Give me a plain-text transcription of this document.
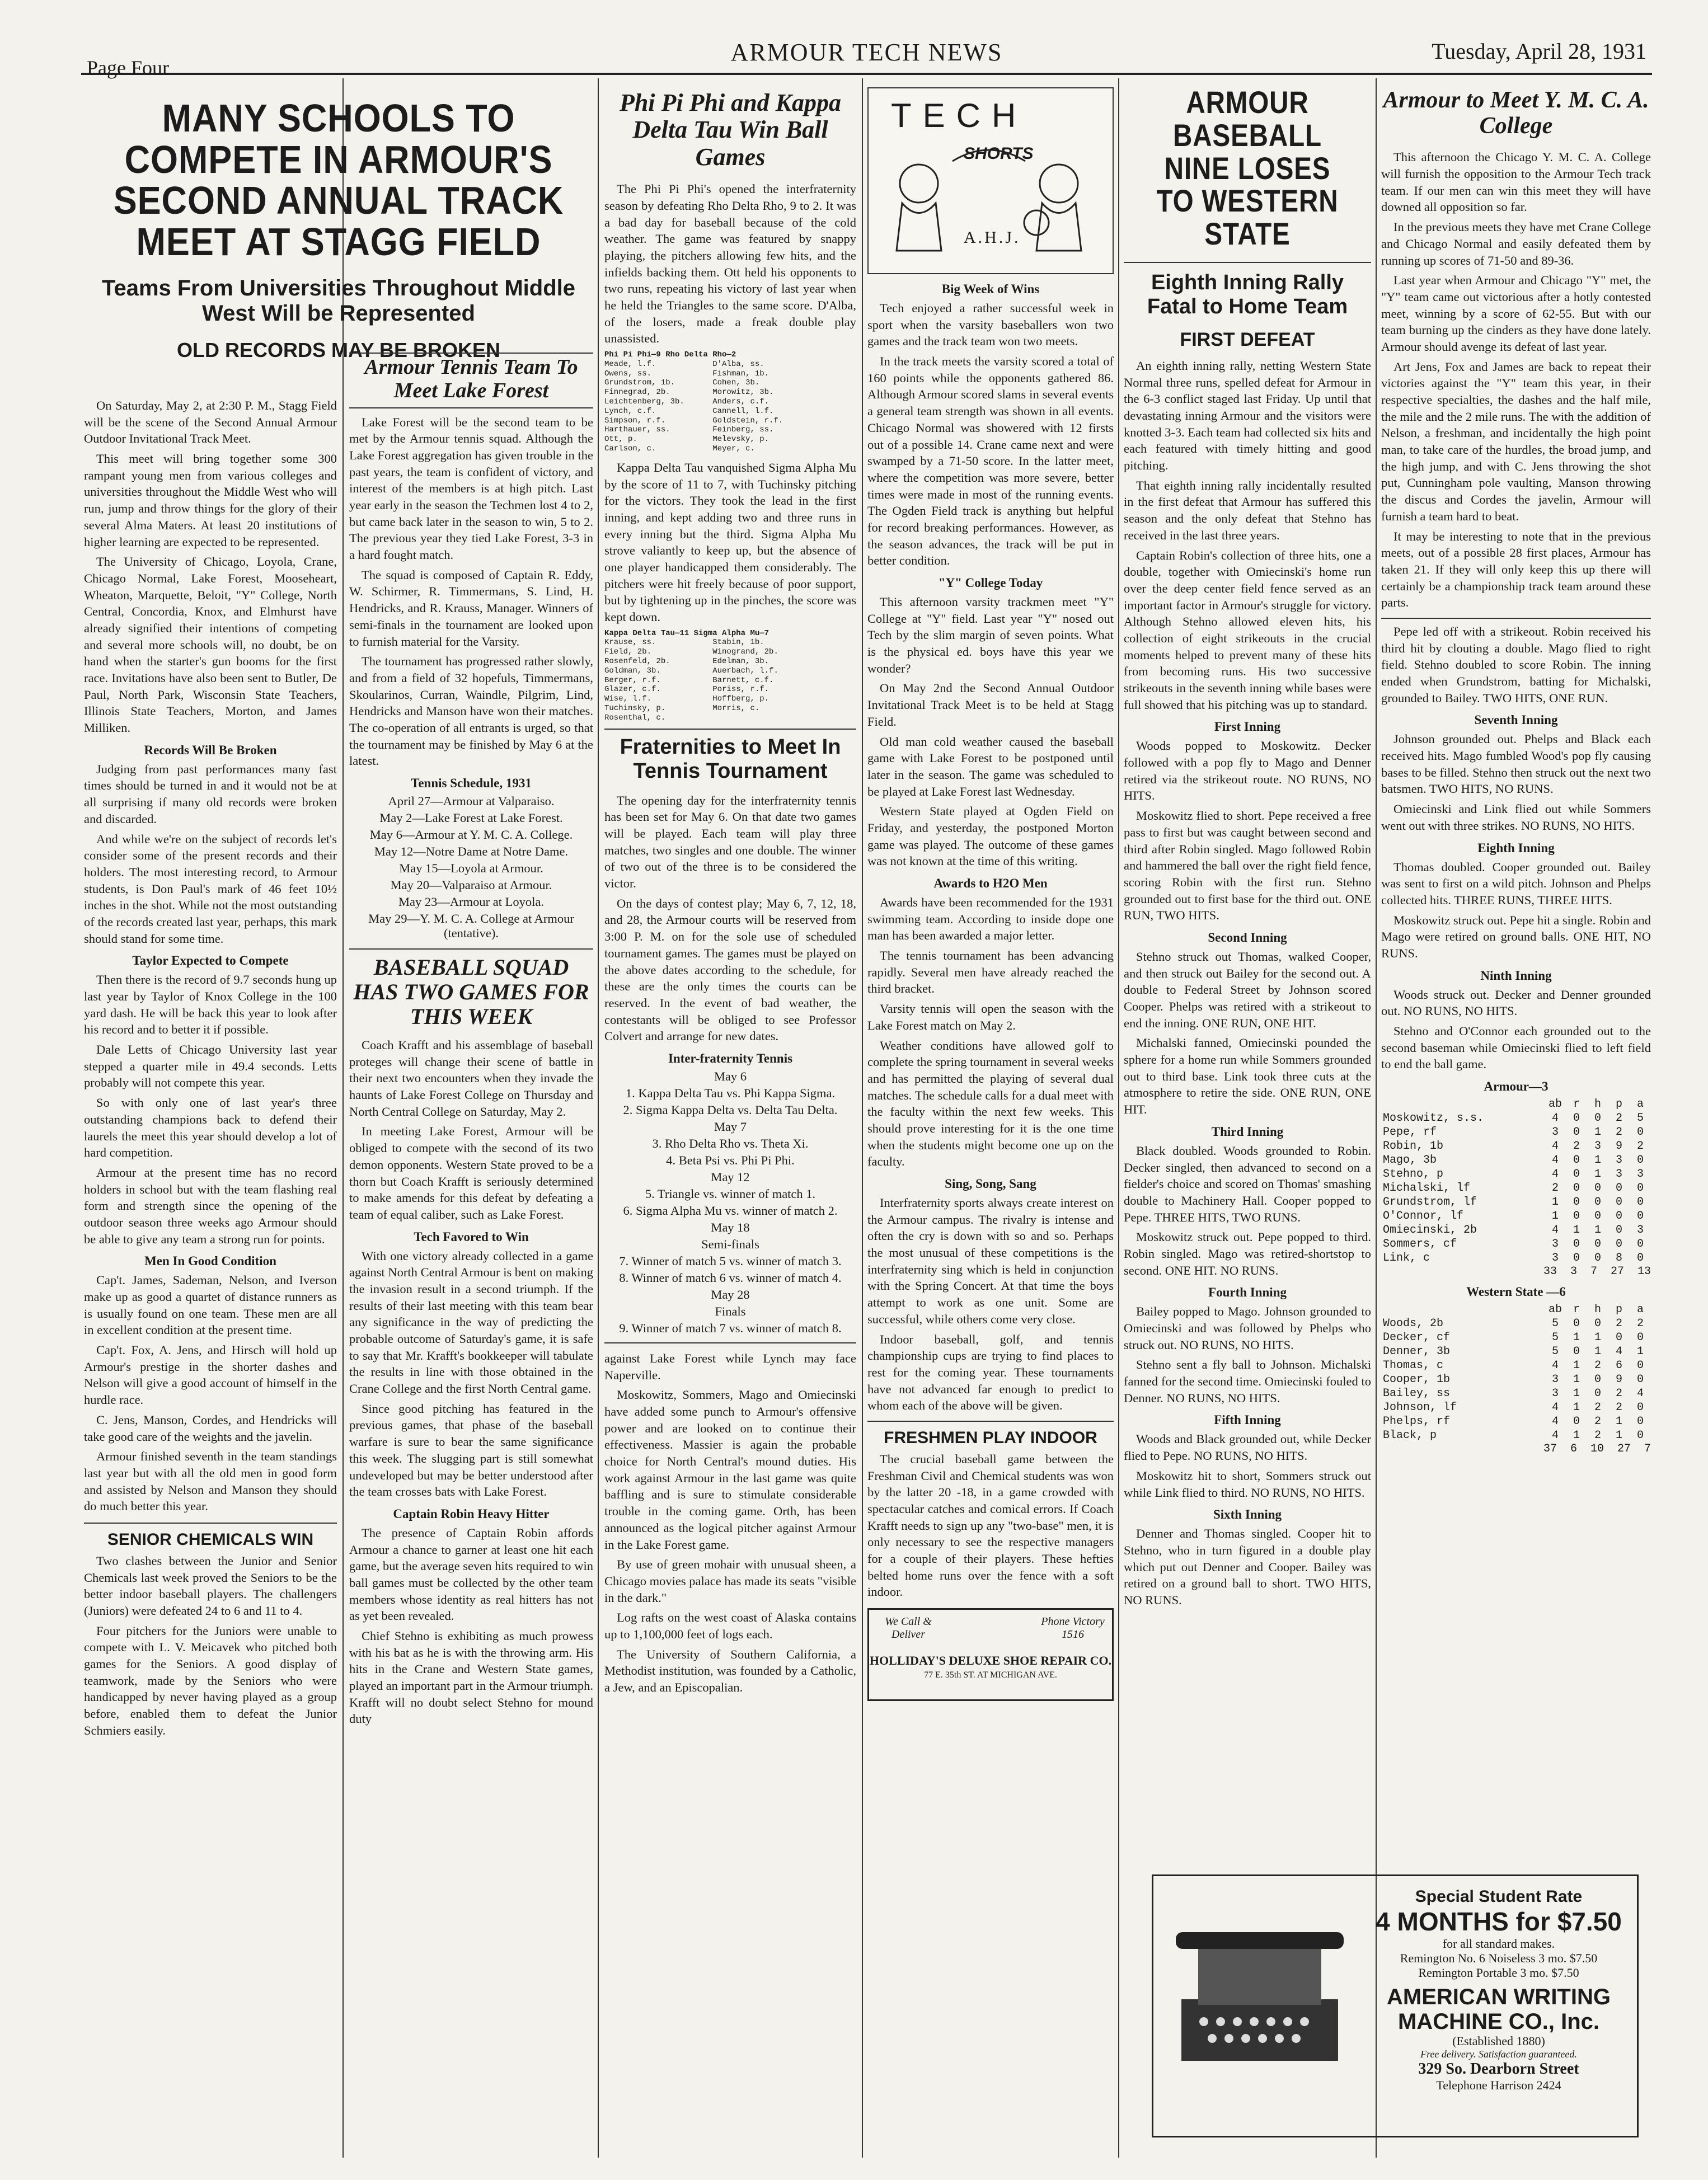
Page Four
ARMOUR TECH NEWS	Tuesday, April 28, 1931
MANY SCHOOLS TO COMPETE IN ARMOUR'S SECOND ANNUAL TRACK MEET AT STAGG FIELD
Teams From Universities Throughout Middle West Will be Represented
OLD RECORDS MAY BE BROKEN

On Saturday, May 2, at 2:30 P. M., Stagg Field will be the scene of the Second Annual Armour Outdoor Invitational Track Meet.

This meet will bring together some 300 rampant young men from various colleges and universities throughout the Middle West who will run, jump and throw things for the glory of their several Alma Maters. At least 20 institutions of higher learning are expected to be represented.

The University of Chicago, Loyola, Crane, Chicago Normal, Lake Forest, Mooseheart, Wheaton, Marquette, Beloit, "Y" College, North Central, Concordia, Knox, and Elmhurst have already signified their intentions of competing and several more schools will, no doubt, be on hand when the starter's gun booms for the first race. Invitations have also been sent to Butler, De Paul, North Park, Wisconsin State Teachers, Illinois State Teachers, Morton, and James Milliken.

Records Will Be Broken

Judging from past performances many fast times should be turned in and it would not be at all surprising if many old records were broken and discarded.

And while we're on the subject of records let's consider some of the present records and their holders. The most interesting record, to Armour students, is Don Paul's mark of 46 feet 10½ inches in the shot. While not the most outstanding of the records created last year, perhaps, this mark should stand for some time.

Taylor Expected to Compete

Then there is the record of 9.7 seconds hung up last year by Taylor of Knox College in the 100 yard dash. He will be back this year to look after his record and to better it if possible.

Dale Letts of Chicago University last year stepped a quarter mile in 49.4 seconds. Letts probably will not compete this year.

So with only one of last year's three outstanding champions back to defend their laurels the meet this year should develop a lot of hard competition.

Armour at the present time has no record holders in school but with the team flashing real form and strength since the opening of the outdoor season three weeks ago Armour should be able to give any team a strong run for points.

Men In Good Condition

Cap't. James, Sademan, Nelson, and Iverson make up as good a quartet of distance runners as is usually found on one team. These men are all in excellent condition at the present time.

Cap't. Fox, A. Jens, and Hirsch will hold up Armour's prestige in the shorter dashes and Nelson will give a good account of himself in the hurdle race.

C. Jens, Manson, Cordes, and Hendricks will take good care of the weights and the javelin.

Armour finished seventh in the team standings last year but with all the old men in good form and assisted by Nelson and Manson they should do much better this year.

SENIOR CHEMICALS WIN

Two clashes between the Junior and Senior Chemicals last week proved the Seniors to be the better indoor baseball players. The challengers (Juniors) were defeated 24 to 6 and 11 to 4.

Four pitchers for the Juniors were unable to compete with L. V. Meicavek who pitched both games for the Seniors. A good display of teamwork, made by the Seniors who were handicapped by never having played as a group before, enabled them to defeat the Junior Schmiers easily.

Armour Tennis Team To Meet Lake Forest

Lake Forest will be the second team to be met by the Armour tennis squad. Although the Lake Forest aggregation has given trouble in the past years, the team is confident of victory, and interest of the members is at high pitch. Last year early in the season the Techmen lost 4 to 2, but came back later in the season to win, 5 to 2. The previous year they tied Lake Forest, 3-3 in a hard fought match.

The squad is composed of Captain R. Eddy, W. Schirmer, R. Timmermans, S. Lind, H. Hendricks, and R. Krauss, Manager. Winners of semi-finals in the tournament are looked upon to furnish material for the Varsity.

The tournament has progressed rather slowly, and from a field of 32 hopefuls, Timmermans, Skoularinos, Curran, Waindle, Pilgrim, Lind, Hendricks and Manson have won their matches. The co-operation of all entrants is urged, so that the tournament may be finished by May 6 at the latest.

Tennis Schedule, 1931
April 27—Armour at Valparaiso.
May 2—Lake Forest at Lake Forest.
May 6—Armour at Y. M. C. A. College.
May 12—Notre Dame at Notre Dame.
May 15—Loyola at Armour.
May 20—Valparaiso at Armour.
May 23—Armour at Loyola.
May 29—Y. M. C. A. College at Armour (tentative).
BASEBALL SQUAD HAS TWO GAMES FOR THIS WEEK

Coach Krafft and his assemblage of baseball proteges will change their scene of battle in their next two encounters when they invade the haunts of Lake Forest College on Thursday and North Central College on Saturday, May 2.

In meeting Lake Forest, Armour will be obliged to compete with the second of its two demon opponents. Western State proved to be a thorn but Coach Krafft is seriously determined to make amends for this defeat by defeating a team of equal caliber, such as Lake Forest.

Tech Favored to Win

With one victory already collected in a game against North Central Armour is bent on making the invasion result in a second triumph. If the results of their last meeting with this team bear any significance in the way of predicting the probable outcome of Saturday's game, it is safe to say that Mr. Krafft's bookkeeper will tabulate the results in line with those obtained in the Crane College and the first North Central game.

Since good pitching has featured in the previous games, that phase of the baseball warfare is sure to bear the same significance this week. The slugging part is still somewhat undeveloped but may be better understood after the team crosses bats with Lake Forest.

Captain Robin Heavy Hitter

The presence of Captain Robin affords Armour a chance to garner at least one hit each game, but the average seven hits required to win ball games must be collected by the other team members whose identity as real hitters has not as yet been revealed.

Chief Stehno is exhibiting as much prowess with his bat as he is with the throwing arm. His hits in the Crane and Western State games, played an important part in the Armour triumph. Krafft will no doubt select Stehno for mound duty

Phi Pi Phi and Kappa Delta Tau Win Ball Games

The Phi Pi Phi's opened the interfraternity season by defeating Rho Delta Rho, 9 to 2. It was a bad day for baseball because of the cold weather. The game was featured by snappy playing, the pitchers allowing few hits, and the infields backing them. Ott held his opponents to two runs, repeating his victory of last year when he held the Triangles to the same score. D'Alba, of the losers, made a freak double play unassisted.

Phi Pi Phi—9 Rho Delta Rho—2
Meade, l.f.            D'Alba, ss.
Owens, ss.             Fishman, 1b.
Grundstrom, 1b.        Cohen, 3b.
Finnegrad, 2b.         Morowitz, 3b.
Leichtenberg, 3b.      Anders, c.f.
Lynch, c.f.            Cannell, l.f.
Simpson, r.f.          Goldstein, r.f.
Harthauer, ss.         Feinberg, ss.
Ott, p.                Melevsky, p.
Carlson, c.            Meyer, c.

Kappa Delta Tau vanquished Sigma Alpha Mu by the score of 11 to 7, with Tuchinsky pitching for the victors. They took the lead in the first inning, and kept adding two and three runs in every inning but the third. Sigma Alpha Mu strove valiantly to keep up, but the absence of one player handicapped them considerably. The pitchers were hit freely because of poor support, but by tightening up in the pinches, the score was kept down.

Kappa Delta Tau—11 Sigma Alpha Mu—7
Krause, ss.            Stabin, 1b.
Field, 2b.             Winogrand, 2b.
Rosenfeld, 2b.         Edelman, 3b.
Goldman, 3b.           Auerbach, l.f.
Berger, r.f.           Barnett, c.f.
Glazer, c.f.           Poriss, r.f.
Wise, l.f.             Hoffberg, p.
Tuchinsky, p.          Morris, c.
Rosenthal, c.
Fraternities to Meet In Tennis Tournament

The opening day for the interfraternity tennis has been set for May 6. On that date two games will be played. Each team will play three matches, two singles and one double. The winner of two out of the three is to be considered the victor.

On the days of contest play; May 6, 7, 12, 18, and 28, the Armour courts will be reserved from 3:00 P. M. on for the sole use of scheduled tournament games. The games must be played on the above dates according to the schedule, for these are the only times the courts can be reserved. In the event of bad weather, the contestants will be obliged to see Professor Colvert and arrange for new dates.

Inter-fraternity Tennis
May 6
1. Kappa Delta Tau vs. Phi Kappa Sigma.
2. Sigma Kappa Delta vs. Delta Tau Delta.
May 7
3. Rho Delta Rho vs. Theta Xi.
4. Beta Psi vs. Phi Pi Phi.
May 12
5. Triangle vs. winner of match 1.
6. Sigma Alpha Mu vs. winner of match 2.
May 18
Semi-finals
7. Winner of match 5 vs. winner of match 3.
8. Winner of match 6 vs. winner of match 4.
May 28
Finals
9. Winner of match 7 vs. winner of match 8.

against Lake Forest while Lynch may face Naperville.

Moskowitz, Sommers, Mago and Omiecinski have added some punch to Armour's offensive power and are looked on to continue their effectiveness. Massier is again the probable choice for North Central's mound duties. His work against Armour in the last game was quite baffling and is sure to stimulate considerable trouble in the coming game. Orth, has been announced as the logical pitcher against Armour in the Lake Forest game.

By use of green mohair with unusual sheen, a Chicago movies palace has made its seats "visible in the dark."

Log rafts on the west coast of Alaska contains up to 1,100,000 feet of logs each.

The University of Southern California, a Methodist institution, was founded by a Catholic, a Jew, and an Episcopalian.

TECH
SHORTS
A.H.J.
Big Week of Wins

Tech enjoyed a rather successful week in sport when the varsity baseballers won two games and the track team won two meets.

In the track meets the varsity scored a total of 160 points while the opponents gathered 86. Although Armour scored slams in several events a general team strength was shown in all events. Chicago Normal was showered with 12 firsts out of a possible 14. Crane came next and were swamped by a 71-50 score. In the latter meet, where the competition was more severe, better times were made in most of the running events. The Ogden Field track is anything but helpful for record breaking performances. However, as the season advances, the track will be put in better condition.

"Y" College Today

This afternoon varsity trackmen meet "Y" College at "Y" field. Last year "Y" nosed out Tech by the slim margin of seven points. What is the physical ed. boys have this year we wonder?

On May 2nd the Second Annual Outdoor Invitational Track Meet is to be held at Stagg Field.

Old man cold weather caused the baseball game with Lake Forest to be postponed until later in the season. The game was scheduled to be played at Lake Forest last Wednesday.

Western State played at Ogden Field on Friday, and yesterday, the postponed Morton game was played. The outcome of these games was not known at the time of this writing.

Awards to H2O Men

Awards have been recommended for the 1931 swimming team. According to inside dope one man has been awarded a major letter.

The tennis tournament has been advancing rapidly. Several men have already reached the third bracket.

Varsity tennis will open the season with the Lake Forest match on May 2.

Weather conditions have allowed golf to complete the spring tournament in several weeks and has permitted the playing of several dual matches. The schedule calls for a dual meet with the faculty within the next few weeks. This should prove interesting for it is the one time when the students might become one up on the faculty.

Sing, Song, Sang

Interfraternity sports always create interest on the Armour campus. The rivalry is intense and often the cry is down with so and so. Perhaps the most unusual of these competitions is the interfraternity sing which is held in conjunction with the Spring Concert. At that time the boys attempt to work as one unit. Some are successful, while others come very close.

Indoor baseball, golf, and tennis championship cups are trying to find places to rest for the coming year. These tournaments have not advanced far enough to predict to whom each of the above will be given.

FRESHMEN PLAY INDOOR

The crucial baseball game between the Freshman Civil and Chemical students was won by the latter 20 -18, in a game crowded with spectacular catches and comical errors. If Coach Krafft needs to sign up any "two-base" men, it is only necessary to see the respective managers for a couple of their players. These hefties belted home runs over the fence with a soft indoor.

We Call & Deliver
Phone Victory 1516
HOLLIDAY'S DELUXE SHOE REPAIR CO.
77 E. 35th ST. AT MICHIGAN AVE.
ARMOUR BASEBALL NINE LOSES TO WESTERN STATE
Eighth Inning Rally Fatal to Home Team
FIRST DEFEAT

An eighth inning rally, netting Western State Normal three runs, spelled defeat for Armour in the 6-3 conflict staged last Friday. Up until that devastating inning Armour and the visitors were knotted 3-3. Each team had collected six hits and each featured with timely hitting and good pitching.

That eighth inning rally incidentally resulted in the first defeat that Armour has suffered this season and the only defeat that Stehno has received in the last three years.

Captain Robin's collection of three hits, one a double, together with Omiecinski's home run over the deep center field fence served as an important factor in Armour's struggle for victory. Although Stehno allowed eleven hits, his collection of eight strikeouts in the crucial moments helped to prevent many of these hits from becoming runs. His two successive strikeouts in the seventh inning while bases were full showed that his pitching was up to standard.

First Inning

Woods popped to Moskowitz. Decker followed with a pop fly to Mago and Denner retired via the strikeout route. NO RUNS, NO HITS.

Moskowitz flied to short. Pepe received a free pass to first but was caught between second and third after Robin singled. Mago followed Robin and hammered the ball over the right field fence, scoring Robin with the first run. Stehno grounded out to first base for the third out. ONE RUN, TWO HITS.

Second Inning

Stehno struck out Thomas, walked Cooper, and then struck out Bailey for the second out. A double to Federal Street by Johnson scored Cooper. Phelps was retired with a strikeout to end the inning. ONE RUN, ONE HIT.

Michalski fanned, Omiecinski pounded the sphere for a home run while Sommers grounded out to third base. Link took three cuts at the atmosphere to retire the side. ONE RUN, ONE HIT.

Third Inning

Black doubled. Woods grounded to Robin. Decker singled, then advanced to second on a fielder's choice and scored on Thomas' smashing double to Machinery Hall. Cooper popped to Pepe. THREE HITS, TWO RUNS.

Moskowitz struck out. Pepe popped to third. Robin singled. Mago was retired-shortstop to second. ONE HIT. NO RUNS.

Fourth Inning

Bailey popped to Mago. Johnson grounded to Omiecinski and was followed by Phelps who struck out. NO RUNS, NO HITS.

Stehno sent a fly ball to Johnson. Michalski fanned for the second time. Omiecinski fouled to Denner. NO RUNS, NO HITS.

Fifth Inning

Woods and Black grounded out, while Decker flied to Pepe. NO RUNS, NO HITS.

Moskowitz hit to short, Sommers struck out while Link flied to third. NO RUNS, NO HITS.

Sixth Inning

Denner and Thomas singled. Cooper hit to Stehno, who in turn figured in a double play which put out Denner and Cooper. Bailey was retired on a ground ball to short. TWO HITS, NO RUNS.

Armour to Meet Y. M. C. A. College

This afternoon the Chicago Y. M. C. A. College will furnish the opposition to the Armour Tech track team. If our men can win this meet they will have downed all opposition so far.

In the previous meets they have met Crane College and Chicago Normal and easily defeated them by running up scores of 71-50 and 89-36.

Last year when Armour and Chicago "Y" met, the "Y" team came out victorious after a hotly contested meet, winning by a score of 62-55. But with our team burning up the cinders as they have done lately. Armour should avenge its defeat of last year.

Art Jens, Fox and James are back to repeat their victories against the "Y" team this year, in their respective specialties, the dashes and the half mile, the mile and the 2 mile runs. The with the addition of Nelson, a freshman, and incidentally the high point man, to take care of the hurdles, the broad jump, and the high jump, and with C. Jens throwing the shot put, Cunningham pole vaulting, Manson throwing the discus and Cordes the javelin, Armour will furnish a team hard to beat.

It may be interesting to note that in the previous meets, out of a possible 28 first places, Armour has taken 21. If they will only keep this up there will certainly be a championship track team around these parts.

Pepe led off with a strikeout. Robin received his third hit by clouting a double. Mago flied to right field. Stehno doubled to score Robin. The inning ended when Grundstrom, batting for Michalski, grounded to Bailey. TWO HITS, ONE RUN.

Seventh Inning

Johnson grounded out. Phelps and Black each received hits. Mago fumbled Wood's pop fly causing bases to be filled. Stehno then struck out the next two batsmen. TWO HITS, NO RUNS.

Omiecinski and Link flied out while Sommers went out with three strikes. NO RUNS, NO HITS.

Eighth Inning

Thomas doubled. Cooper grounded out. Bailey was sent to first on a wild pitch. Johnson and Phelps collected hits. THREE RUNS, THREE HITS.

Moskowitz struck out. Pepe hit a single. Robin and Mago were retired on ground balls. ONE HIT, NO RUNS.

Ninth Inning

Woods struck out. Decker and Denner grounded out. NO RUNS, NO HITS.

Stehno and O'Connor each grounded out to the second baseman while Omiecinski flied to left field to end the ball game.

Armour—3
	ab	r	h	p	a
Moskowitz, s.s.	4	0	0	2	5
Pepe, rf	3	0	1	2	0
Robin, 1b	4	2	3	9	2
Mago, 3b	4	0	1	3	0
Stehno, p	4	0	1	3	3
Michalski, lf	2	0	0	0	0
Grundstrom, lf	1	0	0	0	0
O'Connor, lf	1	0	0	0	0
Omiecinski, 2b	4	1	1	0	3
Sommers, cf	3	0	0	0	0
Link, c	3	0	0	8	0
33  3  7  27  13
Western State —6
	ab	r	h	p	a
Woods, 2b	5	0	0	2	2
Decker, cf	5	1	1	0	0
Denner, 3b	5	0	1	4	1
Thomas, c	4	1	2	6	0
Cooper, 1b	3	1	0	9	0
Bailey, ss	3	1	0	2	4
Johnson, lf	4	1	2	2	0
Phelps, rf	4	0	2	1	0
Black, p	4	1	2	1	0
37  6  10  27  7
Special Student Rate
4 MONTHS for $7.50
for all standard makes.
Remington No. 6 Noiseless 3 mo. $7.50
Remington Portable 3 mo. $7.50
AMERICAN WRITING MACHINE CO., Inc.
(Established 1880)
Free delivery. Satisfaction guaranteed.
329 So. Dearborn Street
Telephone Harrison 2424
